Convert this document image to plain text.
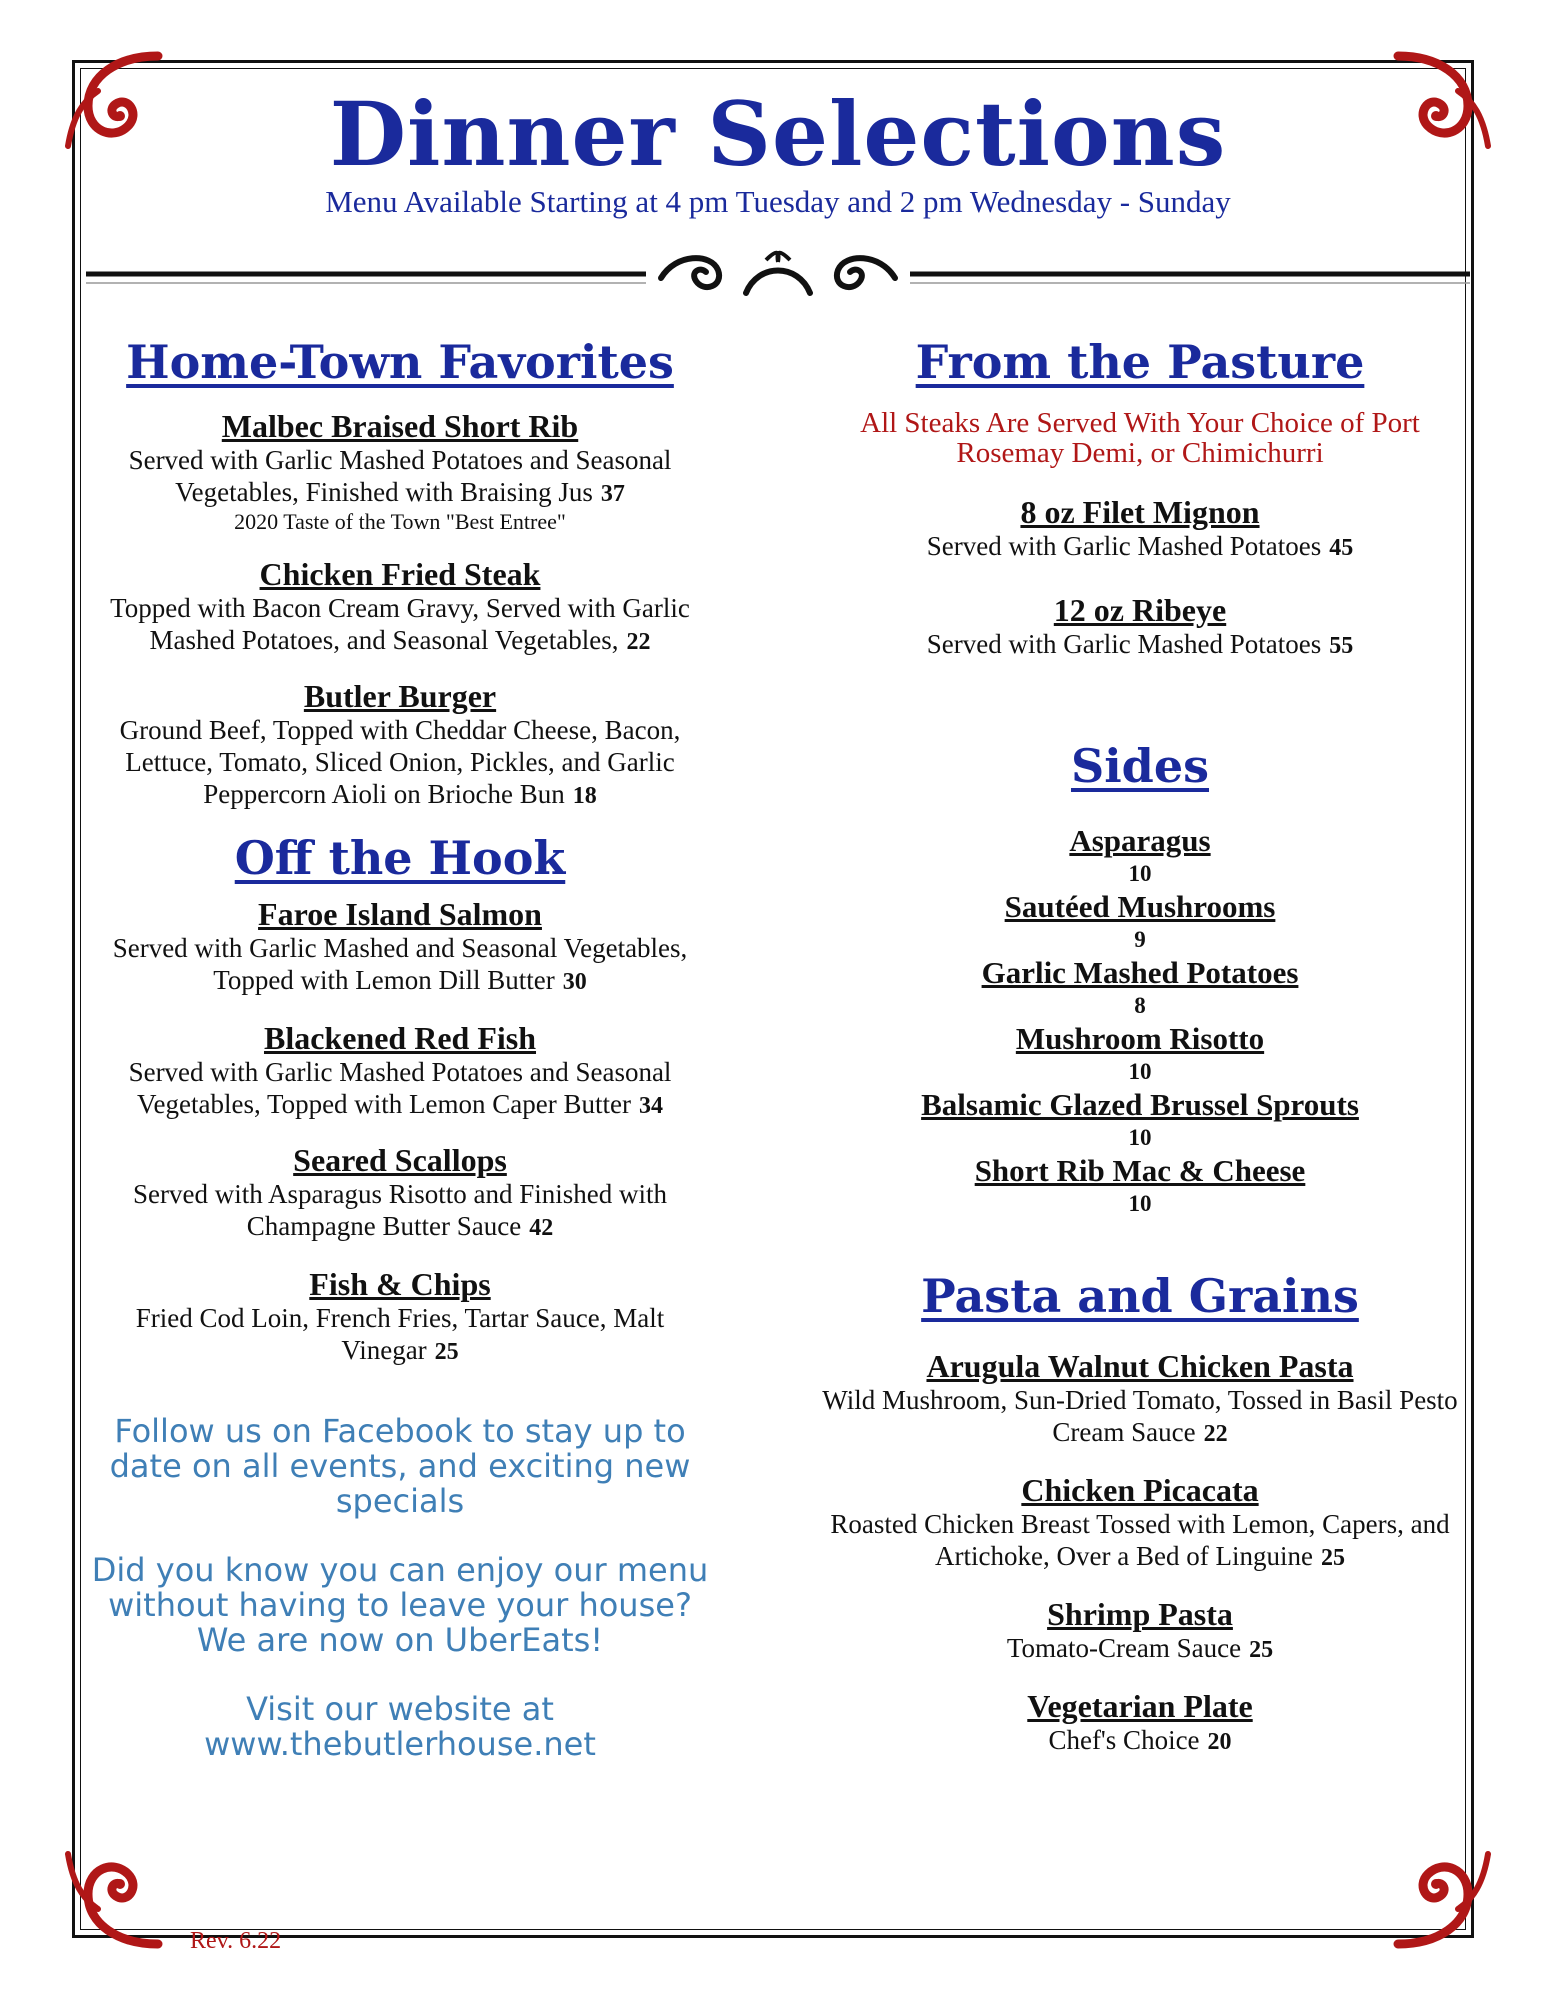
Dinner Selections
Menu Available Starting at 4 pm Tuesday and 2 pm Wednesday - Sunday
Home-Town Favorites

Malbec Braised Short Rib

Served with Garlic Mashed Potatoes and Seasonal Vegetables, Finished with Braising Jus 37

2020 Taste of the Town "Best Entree"

Chicken Fried Steak

Topped with Bacon Cream Gravy, Served with Garlic Mashed Potatoes, and Seasonal Vegetables, 22

Butler Burger

Ground Beef, Topped with Cheddar Cheese, Bacon, Lettuce, Tomato, Sliced Onion, Pickles, and Garlic Peppercorn Aioli on Brioche Bun 18

Off the Hook

Faroe Island Salmon

Served with Garlic Mashed and Seasonal Vegetables, Topped with Lemon Dill Butter 30

Blackened Red Fish

Served with Garlic Mashed Potatoes and Seasonal Vegetables, Topped with Lemon Caper Butter 34

Seared Scallops

Served with Asparagus Risotto and Finished with Champagne Butter Sauce 42

Fish & Chips

Fried Cod Loin, French Fries, Tartar Sauce, Malt Vinegar 25

Follow us on Facebook to stay up to date on all events, and exciting new specials

Did you know you can enjoy our menu without having to leave your house?

We are now on UberEats!

Visit our website at

www.thebutlerhouse.net

From the Pasture

All Steaks Are Served With Your Choice of Port Rosemay Demi, or Chimichurri

8 oz Filet Mignon

Served with Garlic Mashed Potatoes 45

12 oz Ribeye

Served with Garlic Mashed Potatoes 55

Sides

Asparagus

10

Sautéed Mushrooms

9

Garlic Mashed Potatoes

8

Mushroom Risotto

10

Balsamic Glazed Brussel Sprouts

10

Short Rib Mac & Cheese

10

Pasta and Grains

Arugula Walnut Chicken Pasta

Wild Mushroom, Sun-Dried Tomato, Tossed in Basil Pesto Cream Sauce 22

Chicken Picacata

Roasted Chicken Breast Tossed with Lemon, Capers, and Artichoke, Over a Bed of Linguine 25

Shrimp Pasta

Tomato-Cream Sauce 25

Vegetarian Plate

Chef's Choice 20

Rev. 6.22
